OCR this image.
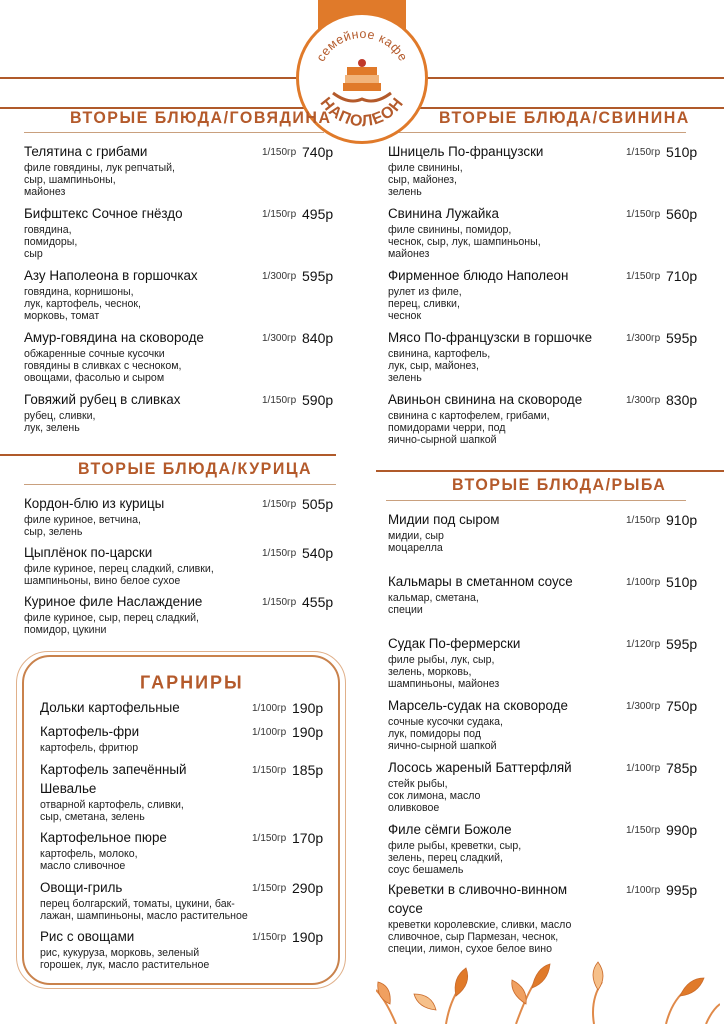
семейное кафе
НАПОЛЕОН
ВТОРЫЕ БЛЮДА/ГОВЯДИНА	ВТОРЫЕ БЛЮДА/СВИНИНА
ВТОРЫЕ БЛЮДА/КУРИЦА
ВТОРЫЕ БЛЮДА/РЫБА
ГАРНИРЫ
Телятина с грибами
филе говядины, лук репчатый,
сыр, шампиньоны,
майонез
1/150гр 740р
Бифштекс Сочное гнёздо
говядина,
помидоры,
сыр
1/150гр 495р
Азу Наполеона в горшочках
говядина, корнишоны,
лук, картофель, чеснок,
морковь, томат
1/300гр 595р
Амур-говядина на сковороде
обжаренные сочные кусочки
говядины в сливках с чесноком,
овощами, фасолью и сыром
1/300гр 840р
Говяжий рубец в сливках
рубец, сливки,
лук, зелень
1/150гр 590р
Шницель По-французски
филе свинины,
сыр, майонез,
зелень
1/150гр 510р
Свинина Лужайка
филе свинины, помидор,
чеснок, сыр, лук, шампиньоны,
майонез
1/150гр 560р
Фирменное блюдо Наполеон
рулет из филе,
перец, сливки,
чеснок
1/150гр 710р
Мясо По-французски в горшочке
свинина, картофель,
лук, сыр, майонез,
зелень
1/300гр 595р
Авиньон свинина на сковороде
свинина с картофелем, грибами,
помидорами черри, под
яично-сырной шапкой
1/300гр 830р
Кордон-блю из курицы
филе куриное, ветчина,
сыр, зелень
1/150гр 505р
Цыплёнок по-царски
филе куриное, перец сладкий, сливки,
шампиньоны, вино белое сухое
1/150гр 540р
Куриное филе Наслаждение
филе куриное, сыр, перец сладкий,
помидор, цукини
1/150гр 455р
Мидии под сыром
мидии, сыр
моцарелла
1/150гр 910р
Кальмары в сметанном соусе
кальмар, сметана,
специи
1/100гр 510р
Судак По-фермерски
филе рыбы, лук, сыр,
зелень, морковь,
шампиньоны, майонез
1/120гр 595р
Марсель-судак на сковороде
сочные кусочки судака,
лук, помидоры под
яично-сырной шапкой
1/300гр 750р
Лосось жареный Баттерфляй
стейк рыбы,
сок лимона, масло
оливковое
1/100гр 785р
Филе сёмги Божоле
филе рыбы, креветки, сыр,
зелень, перец сладкий,
соус бешамель
1/150гр 990р
Креветки в сливочно-винном
соусе
креветки королевские, сливки, масло
сливочное, сыр Пармезан, чеснок,
специи, лимон, сухое белое вино
1/100гр 995р
Дольки картофельные	1/100гр 190р
Картофель-фри
картофель, фритюр
1/100гр 190р
Картофель запечённый
Шевалье
отварной картофель, сливки,
сыр, сметана, зелень
1/150гр 185р
Картофельное пюре
картофель, молоко,
масло сливочное
1/150гр 170р
Овощи-гриль
перец болгарский, томаты, цукини, бак-
лажан, шампиньоны, масло растительное
1/150гр 290р
Рис с овощами
рис, кукуруза, морковь, зеленый
горошек, лук, масло растительное
1/150гр 190р
